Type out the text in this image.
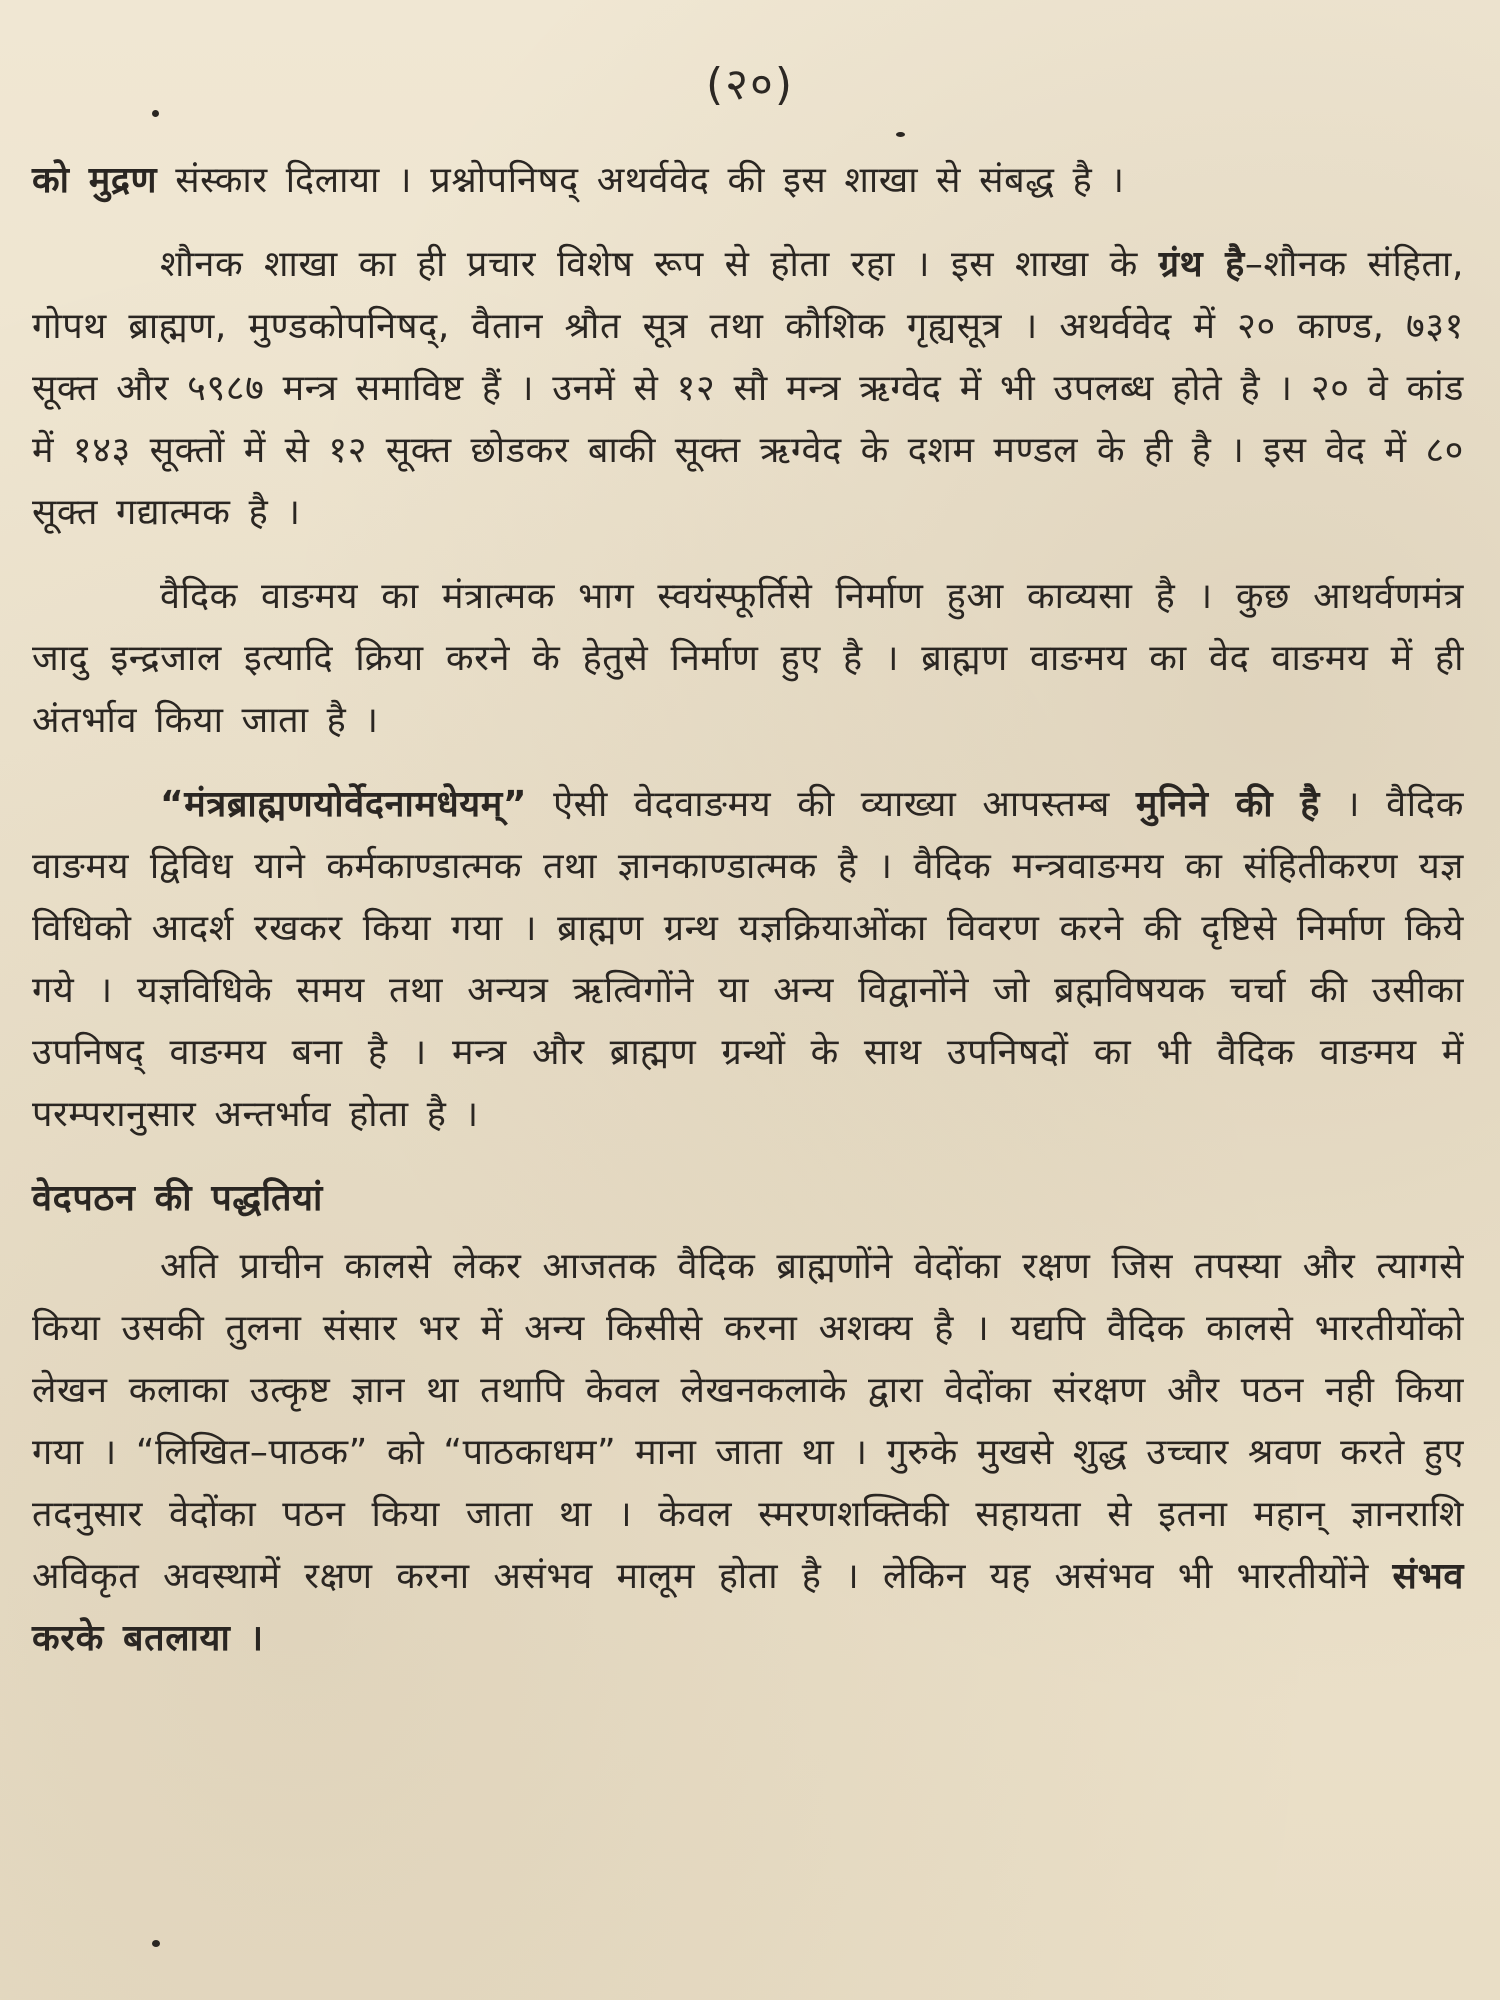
(२०)

को मुद्रण संस्कार दिलाया । प्रश्नोपनिषद् अथर्ववेद की इस शाखा से संबद्ध है ।

शौनक शाखा का ही प्रचार विशेष रूप से होता रहा । इस शाखा के ग्रंथ है–शौनक संहिता, गोपथ ब्राह्मण, मुण्डकोपनिषद्, वैतान श्रौत सूत्र तथा कौशिक गृह्यसूत्र । अथर्ववेद में २० काण्ड, ७३१ सूक्त और ५९८७ मन्त्र समाविष्ट हैं । उनमें से १२ सौ मन्त्र ऋग्वेद में भी उपलब्ध होते है । २० वे कांड में १४३ सूक्तों में से १२ सूक्त छोडकर बाकी सूक्त ऋग्वेद के दशम मण्डल के ही है । इस वेद में ८० सूक्त गद्यात्मक है ।

वैदिक वाङमय का मंत्रात्मक भाग स्वयंस्फूर्तिसे निर्माण हुआ काव्यसा है । कुछ आथर्वणमंत्र जादु इन्द्रजाल इत्यादि क्रिया करने के हेतुसे निर्माण हुए है । ब्राह्मण वाङमय का वेद वाङमय में ही अंतर्भाव किया जाता है ।

“मंत्रब्राह्मणयोर्वेदनामधेयम्” ऐसी वेदवाङमय की व्याख्या आपस्तम्ब मुनिने की है । वैदिक वाङमय द्विविध याने कर्मकाण्डात्मक तथा ज्ञानकाण्डात्मक है । वैदिक मन्त्रवाङमय का संहितीकरण यज्ञ विधिको आदर्श रखकर किया गया । ब्राह्मण ग्रन्थ यज्ञक्रियाओंका विवरण करने की दृष्टिसे निर्माण किये गये । यज्ञविधिके समय तथा अन्यत्र ऋत्विगोंने या अन्य विद्वानोंने जो ब्रह्मविषयक चर्चा की उसीका उपनिषद् वाङमय बना है । मन्त्र और ब्राह्मण ग्रन्थों के साथ उपनिषदों का भी वैदिक वाङमय में परम्परानुसार अन्तर्भाव होता है ।

वेदपठन की पद्धतियां

अति प्राचीन कालसे लेकर आजतक वैदिक ब्राह्मणोंने वेदोंका रक्षण जिस तपस्या और त्यागसे किया उसकी तुलना संसार भर में अन्य किसीसे करना अशक्य है । यद्यपि वैदिक कालसे भारतीयोंको लेखन कलाका उत्कृष्ट ज्ञान था तथापि केवल लेखनकलाके द्वारा वेदोंका संरक्षण और पठन नही किया गया । “लिखित–पाठक” को “पाठकाधम” माना जाता था । गुरुके मुखसे शुद्ध उच्चार श्रवण करते हुए तदनुसार वेदोंका पठन किया जाता था । केवल स्मरणशक्तिकी सहायता से इतना महान् ज्ञानराशि अविकृत अवस्थामें रक्षण करना असंभव मालूम होता है । लेकिन यह असंभव भी भारतीयोंने संभव करके बतलाया ।
